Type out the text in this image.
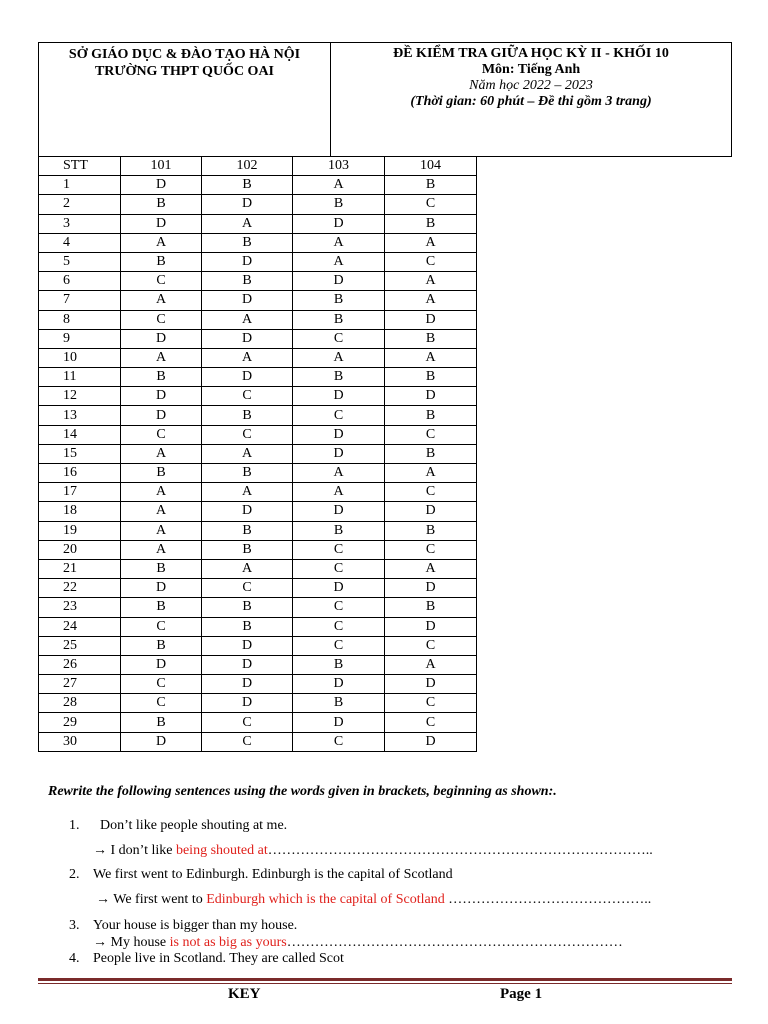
SỞ GIÁO DỤC & ĐÀO TẠO HÀ NỘI
TRƯỜNG THPT QUỐC OAI
ĐỀ KIỂM TRA GIỮA HỌC KỲ II - KHỐI 10
Môn: Tiếng Anh
Năm học 2022 – 2023
(Thời gian: 60 phút – Đề thi gồm 3 trang)
STT	101	102	103	104
1	D	B	A	B
2	B	D	B	C
3	D	A	D	B
4	A	B	A	A
5	B	D	A	C
6	C	B	D	A
7	A	D	B	A
8	C	A	B	D
9	D	D	C	B
10	A	A	A	A
11	B	D	B	B
12	D	C	D	D
13	D	B	C	B
14	C	C	D	C
15	A	A	D	B
16	B	B	A	A
17	A	A	A	C
18	A	D	D	D
19	A	B	B	B
20	A	B	C	C
21	B	A	C	A
22	D	C	D	D
23	B	B	C	B
24	C	B	C	D
25	B	D	C	C
26	D	D	B	A
27	C	D	D	D
28	C	D	B	C
29	B	C	D	C
30	D	C	C	D
Rewrite the following sentences using the words given in brackets, beginning as shown:.
1.  Don’t like people shouting at me.
→ I don’t like being shouted at………………………………………………………………………..
2. We first went to Edinburgh. Edinburgh is the capital of Scotland
→ We first went to Edinburgh which is the capital of Scotland ……………………………………..
3. Your house is bigger than my house.
→ My house is not as big as yours………………………………………………………………
4. People live in Scotland. They are called Scot
KEY	Page 1
